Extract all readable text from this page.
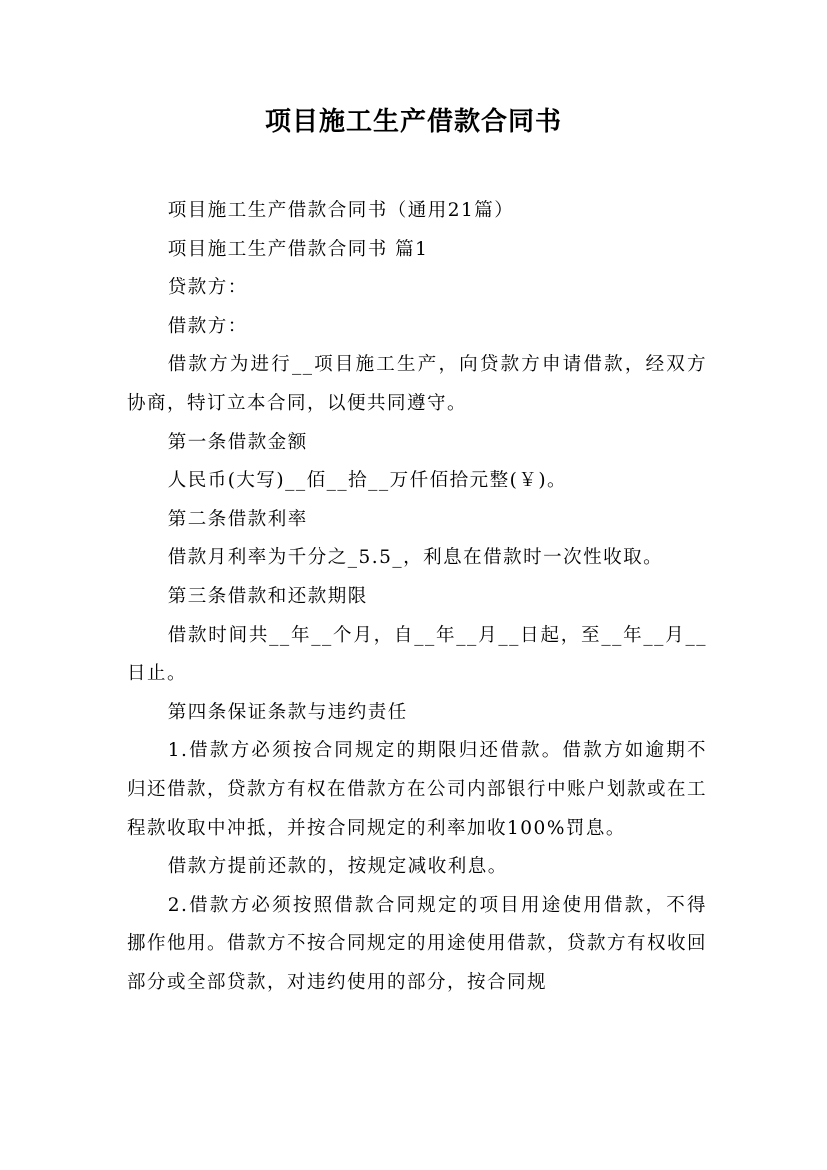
项目施工生产借款合同书

项目施工生产借款合同书（通用21篇）

项目施工生产借款合同书 篇1

贷款方：

借款方：

借款方为进行__项目施工生产，向贷款方申请借款，经双方协商，特订立本合同，以便共同遵守。

第一条借款金额

人民币(大写)__佰__拾__万仟佰拾元整(￥)。

第二条借款利率

借款月利率为千分之_5.5_，利息在借款时一次性收取。

第三条借款和还款期限

借款时间共__年__个月，自__年__月__日起，至__年__月__日止。

第四条保证条款与违约责任

1.借款方必须按合同规定的期限归还借款。借款方如逾期不归还借款，贷款方有权在借款方在公司内部银行中账户划款或在工程款收取中冲抵，并按合同规定的利率加收100%罚息。

借款方提前还款的，按规定减收利息。

2.借款方必须按照借款合同规定的项目用途使用借款，不得挪作他用。借款方不按合同规定的用途使用借款，贷款方有权收回部分或全部贷款，对违约使用的部分，按合同规
